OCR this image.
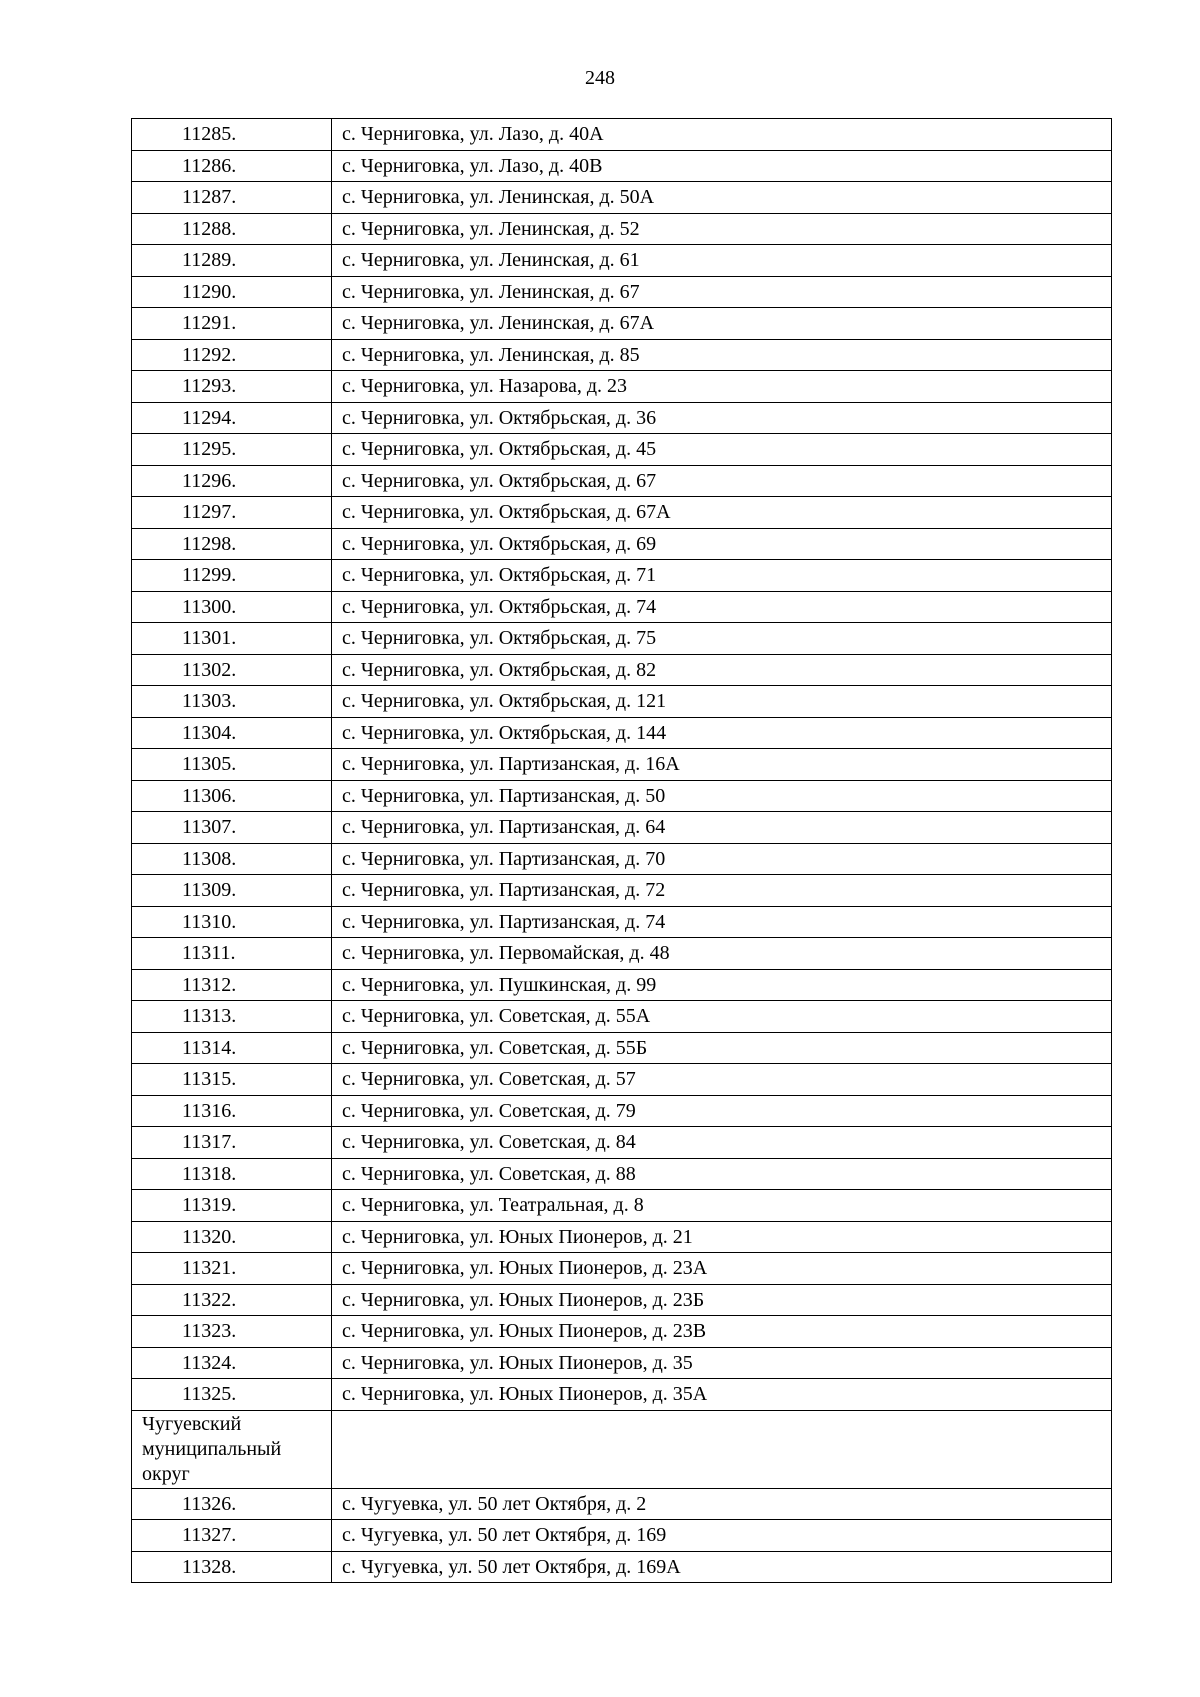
248
11285.	с. Черниговка, ул. Лазо, д. 40А
11286.	с. Черниговка, ул. Лазо, д. 40В
11287.	с. Черниговка, ул. Ленинская, д. 50А
11288.	с. Черниговка, ул. Ленинская, д. 52
11289.	с. Черниговка, ул. Ленинская, д. 61
11290.	с. Черниговка, ул. Ленинская, д. 67
11291.	с. Черниговка, ул. Ленинская, д. 67А
11292.	с. Черниговка, ул. Ленинская, д. 85
11293.	с. Черниговка, ул. Назарова, д. 23
11294.	с. Черниговка, ул. Октябрьская, д. 36
11295.	с. Черниговка, ул. Октябрьская, д. 45
11296.	с. Черниговка, ул. Октябрьская, д. 67
11297.	с. Черниговка, ул. Октябрьская, д. 67А
11298.	с. Черниговка, ул. Октябрьская, д. 69
11299.	с. Черниговка, ул. Октябрьская, д. 71
11300.	с. Черниговка, ул. Октябрьская, д. 74
11301.	с. Черниговка, ул. Октябрьская, д. 75
11302.	с. Черниговка, ул. Октябрьская, д. 82
11303.	с. Черниговка, ул. Октябрьская, д. 121
11304.	с. Черниговка, ул. Октябрьская, д. 144
11305.	с. Черниговка, ул. Партизанская, д. 16А
11306.	с. Черниговка, ул. Партизанская, д. 50
11307.	с. Черниговка, ул. Партизанская, д. 64
11308.	с. Черниговка, ул. Партизанская, д. 70
11309.	с. Черниговка, ул. Партизанская, д. 72
11310.	с. Черниговка, ул. Партизанская, д. 74
11311.	с. Черниговка, ул. Первомайская, д. 48
11312.	с. Черниговка, ул. Пушкинская, д. 99
11313.	с. Черниговка, ул. Советская, д. 55А
11314.	с. Черниговка, ул. Советская, д. 55Б
11315.	с. Черниговка, ул. Советская, д. 57
11316.	с. Черниговка, ул. Советская, д. 79
11317.	с. Черниговка, ул. Советская, д. 84
11318.	с. Черниговка, ул. Советская, д. 88
11319.	с. Черниговка, ул. Театральная, д. 8
11320.	с. Черниговка, ул. Юных Пионеров, д. 21
11321.	с. Черниговка, ул. Юных Пионеров, д. 23А
11322.	с. Черниговка, ул. Юных Пионеров, д. 23Б
11323.	с. Черниговка, ул. Юных Пионеров, д. 23В
11324.	с. Черниговка, ул. Юных Пионеров, д. 35
11325.	с. Черниговка, ул. Юных Пионеров, д. 35А

Чугуевский
муниципальный
округ	

11326.	с. Чугуевка, ул. 50 лет Октября, д. 2
11327.	с. Чугуевка, ул. 50 лет Октября, д. 169
11328.	с. Чугуевка, ул. 50 лет Октября, д. 169А
